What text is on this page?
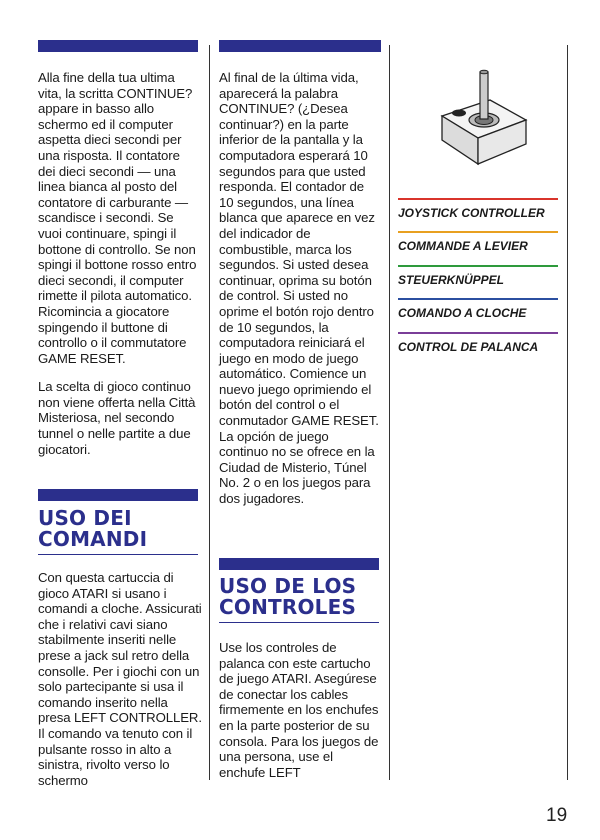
Alla fine della tua ultima vita, la scritta CONTINUE? appare in basso allo schermo ed il computer aspetta dieci secondi per una risposta. Il contatore dei dieci secondi — una linea bianca al posto del contatore di carburante — scandisce i secondi. Se vuoi continuare, spingi il bottone di controllo. Se non spingi il bottone rosso entro dieci secondi, il computer rimette il pilota automatico. Ricomincia a giocatore spingendo il buttone di controllo o il commutatore GAME RESET.

La scelta di gioco continuo non viene offerta nella Città Misteriosa, nel secondo tunnel o nelle partite a due giocatori.

USO DEI COMANDI

Con questa cartuccia di gioco ATARI si usano i comandi a cloche. Assicurati che i relativi cavi siano stabilmente inseriti nelle prese a jack sul retro della consolle. Per i giochi con un solo partecipante si usa il comando inserito nella presa LEFT CONTROLLER. Il comando va tenuto con il pulsante rosso in alto a sinistra, rivolto verso lo schermo

Al final de la última vida, aparecerá la palabra CONTINUE? (¿Desea continuar?) en la parte inferior de la pantalla y la computadora esperará 10 segundos para que usted responda. El contador de 10 segundos, una línea blanca que aparece en vez del indicador de combustible, marca los segundos. Si usted desea continuar, oprima su botón de control. Si usted no oprime el botón rojo dentro de 10 segundos, la computadora reiniciará el juego en modo de juego automático. Comience un nuevo juego oprimiendo el botón del control o el conmutador GAME RESET. La opción de juego continuo no se ofrece en la Ciudad de Misterio, Túnel No. 2 o en los juegos para dos jugadores.

USO DE LOS CONTROLES

Use los controles de palanca con este cartucho de juego ATARI. Asegúrese de conectar los cables firmemente en los enchufes en la parte posterior de su consola. Para los juegos de una persona, use el enchufe LEFT

JOYSTICK CONTROLLER
COMMANDE A LEVIER
STEUERKNÜPPEL
COMANDO A CLOCHE
CONTROL DE PALANCA
19
